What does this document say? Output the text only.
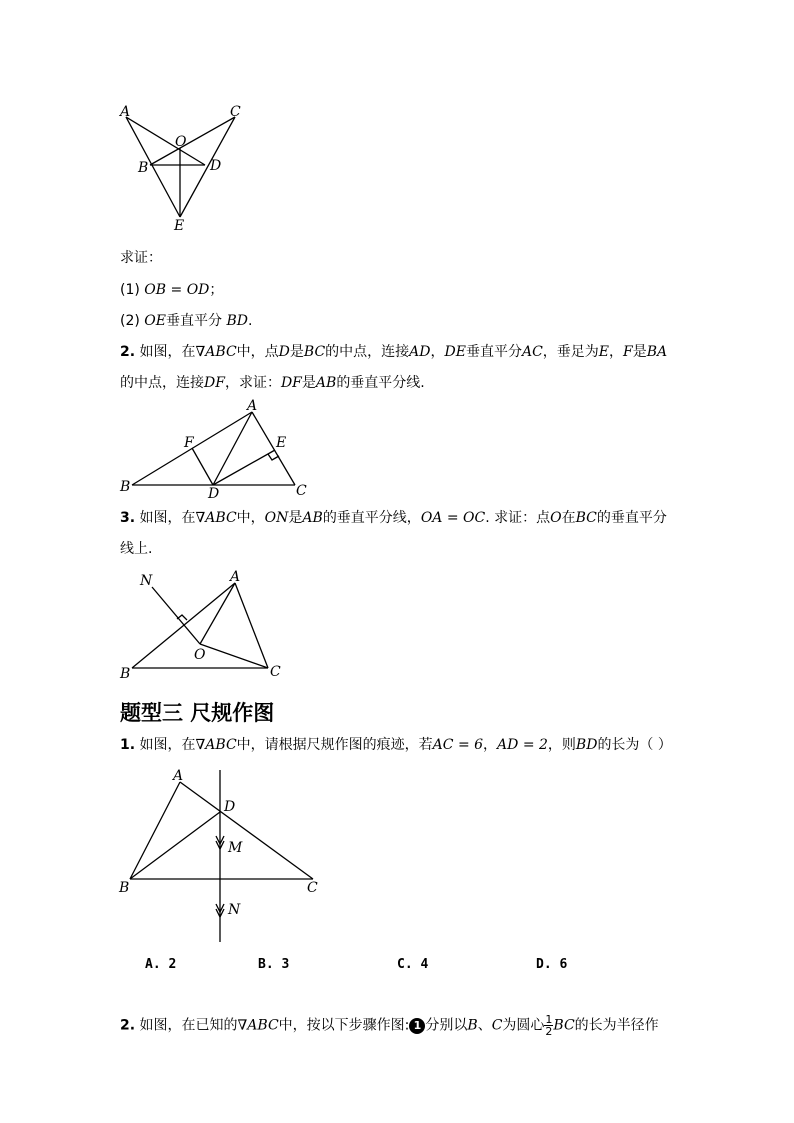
A	C
O
B	D
E
求证：
(1) OB = OD；
(2) OE垂直平分 BD.
2. 如图，在∇ABC中，点D是BC的中点，连接AD，DE垂直平分AC，垂足为E，F是BA
的中点，连接DF，求证：DF是AB的垂直平分线.
A
F	E
B	D	C
3. 如图，在∇ABC中，ON是AB的垂直平分线，OA = OC. 求证：点O在BC的垂直平分
线上.
N	A
O
B	C
题型三 尺规作图
1. 如图，在∇ABC中，请根据尺规作图的痕迹，若AC = 6，AD = 2，则BD的长为（ ）
A
D
M
B	C
N
A. 2	B. 3	C. 4	D. 6
2. 如图，在已知的∇ABC中，按以下步骤作图: 1 分别以B、C为圆心 $\frac{1}{2}$ BC的长为半径作
